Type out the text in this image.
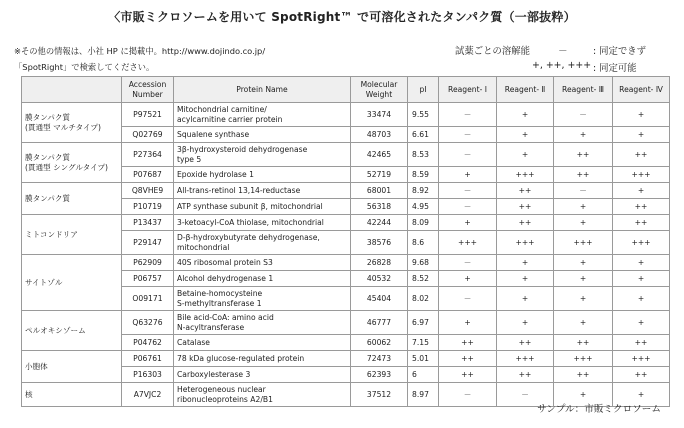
〈市販ミクロソームを用いて SpotRight™ で可溶化されたタンパク質（一部抜粋）
※その他の情報は、小社 HP に掲載中。http://www.dojindo.co.jp/
「SpotRight」で検索してください。
試薬ごとの溶解能　　　－	: 同定できず
+, ++, +++ : 同定可能
	Accession Number	Protein Name	Molecular Weight	pI	Reagent- Ⅰ	Reagent- Ⅱ	Reagent- Ⅲ	Reagent- Ⅳ
膜タンパク質
(貫通型 マルチタイプ)	P97521	Mitochondrial carnitine/
acylcarnitine carrier protein	33474	9.55	－	+	－	+
	Q02769	Squalene synthase	48703	6.61	－	+	+	+
膜タンパク質
(貫通型 シングルタイプ)	P27364	3β-hydroxysteroid dehydrogenase
type 5	42465	8.53	－	+	++	++
	P07687	Epoxide hydrolase 1	52719	8.59	+	+++	++	+++
膜タンパク質	Q8VHE9	All-trans-retinol 13,14-reductase	68001	8.92	－	++	－	+
	P10719	ATP synthase subunit β, mitochondrial	56318	4.95	－	++	+	++
ミトコンドリア	P13437	3-ketoacyl-CoA thiolase, mitochondrial	42244	8.09	+	++	+	++
	P29147	D-β-hydroxybutyrate dehydrogenase,
mitochondrial	38576	8.6	+++	+++	+++	+++
サイトゾル	P62909	40S ribosomal protein S3	26828	9.68	－	+	+	+
	P06757	Alcohol dehydrogenase 1	40532	8.52	+	+	+	+
	O09171	Betaine-homocysteine
S-methyltransferase 1	45404	8.02	－	+	+	+
ペルオキシゾーム	Q63276	Bile acid-CoA: amino acid
N-acyltransferase	46777	6.97	+	+	+	+
	P04762	Catalase	60062	7.15	++	++	++	++
小胞体	P06761	78 kDa glucose-regulated protein	72473	5.01	++	+++	+++	+++
	P16303	Carboxylesterase 3	62393	6	++	++	++	++
核	A7VJC2	Heterogeneous nuclear
ribonucleoproteins A2/B1	37512	8.97	－	－	+	+
サンプル：市販ミクロソーム
